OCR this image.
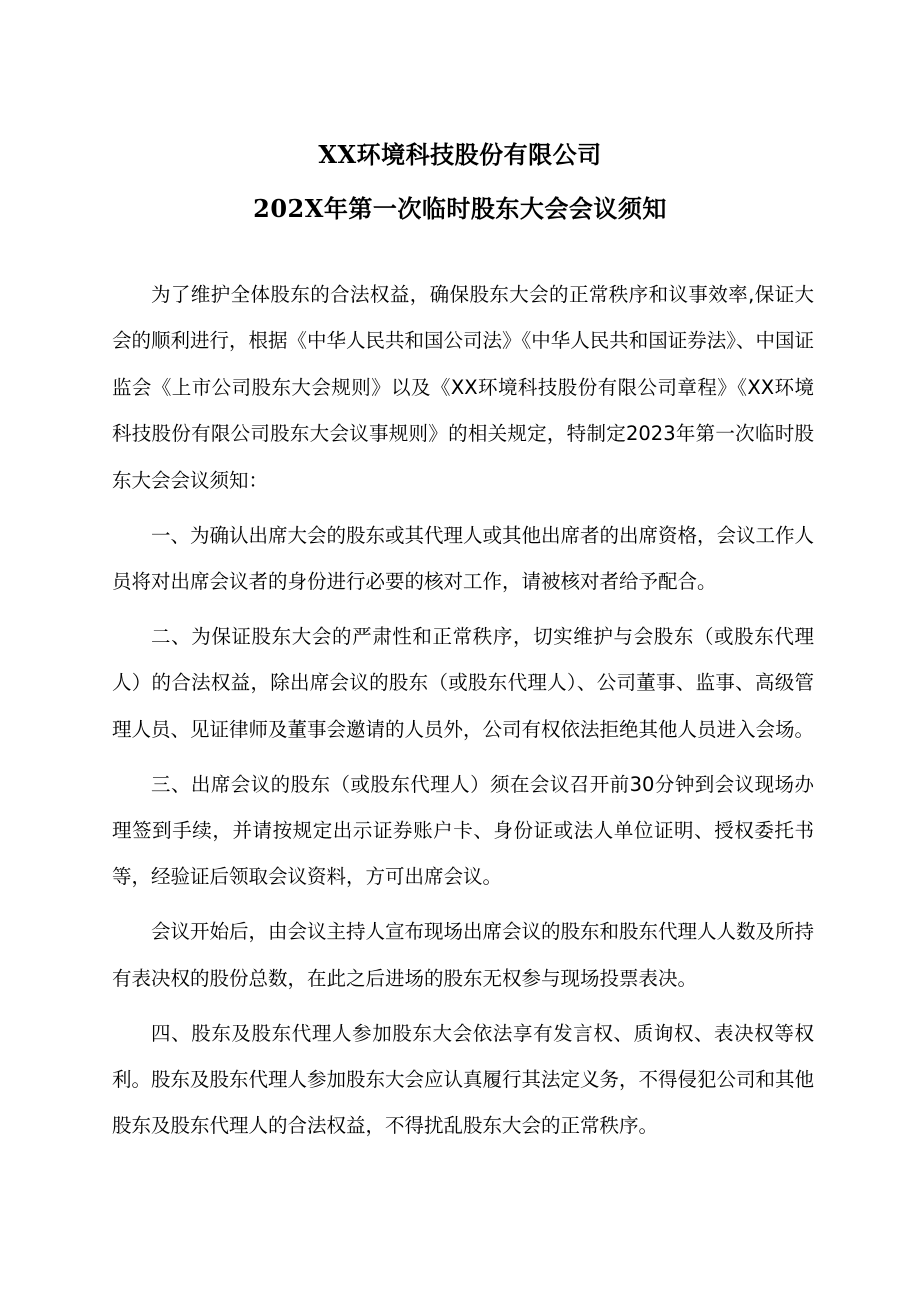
XX环境科技股份有限公司
202X年第一次临时股东大会会议须知

为了维护全体股东的合法权益，确保股东大会的正常秩序和议事效率,保证大会的顺利进行，根据《中华人民共和国公司法》《中华人民共和国证券法》、中国证监会《上市公司股东大会规则》以及《XX环境科技股份有限公司章程》《XX环境科技股份有限公司股东大会议事规则》的相关规定，特制定2023年第一次临时股东大会会议须知：

一、为确认出席大会的股东或其代理人或其他出席者的出席资格，会议工作人员将对出席会议者的身份进行必要的核对工作，请被核对者给予配合。

二、为保证股东大会的严肃性和正常秩序，切实维护与会股东（或股东代理人）的合法权益，除出席会议的股东（或股东代理人）、公司董事、监事、高级管理人员、见证律师及董事会邀请的人员外，公司有权依法拒绝其他人员进入会场。

三、出席会议的股东（或股东代理人）须在会议召开前30分钟到会议现场办理签到手续，并请按规定出示证券账户卡、身份证或法人单位证明、授权委托书等，经验证后领取会议资料，方可出席会议。

会议开始后，由会议主持人宣布现场出席会议的股东和股东代理人人数及所持有表决权的股份总数，在此之后进场的股东无权参与现场投票表决。

四、股东及股东代理人参加股东大会依法享有发言权、质询权、表决权等权利。股东及股东代理人参加股东大会应认真履行其法定义务，不得侵犯公司和其他股东及股东代理人的合法权益，不得扰乱股东大会的正常秩序。
